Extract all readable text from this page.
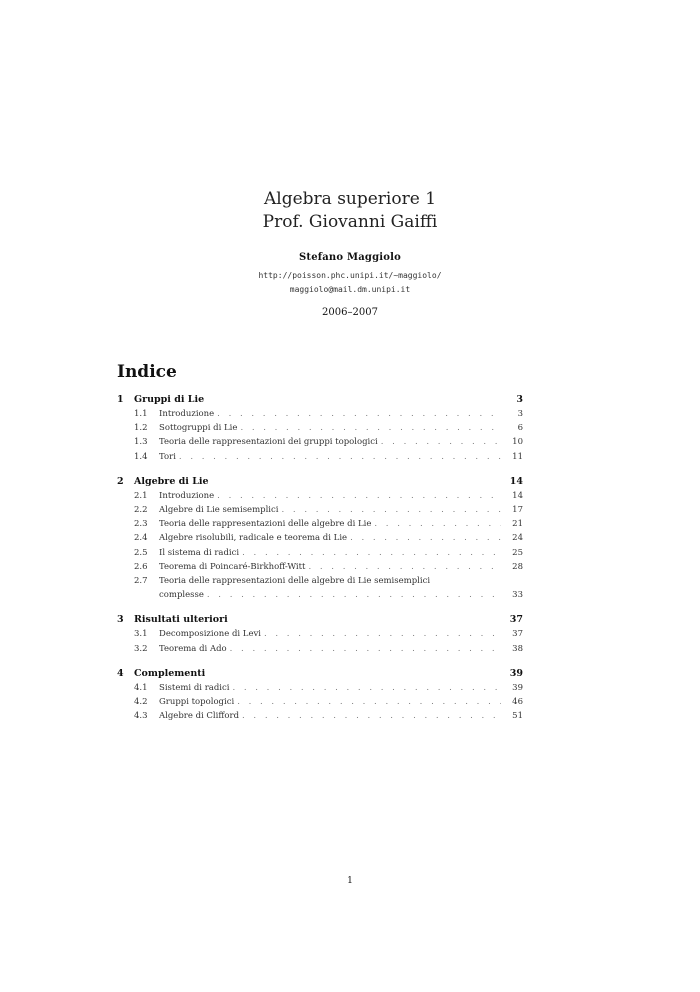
Algebra superiore 1
Prof. Giovanni Gaiffi
Stefano Maggiolo
http://poisson.phc.unipi.it/~maggiolo/
maggiolo@mail.dm.unipi.it
2006–2007
Indice
1	Gruppi di Lie	3
1.1	Introduzione . . .	3
1.2	Sottogruppi di Lie . . .	6
1.3	Teoria delle rappresentazioni dei gruppi topologici . . .	10
1.4	Tori . . .	11
2	Algebre di Lie	14
2.1	Introduzione . . .	14
2.2	Algebre di Lie semisemplici . . .	17
2.3	Teoria delle rappresentazioni delle algebre di Lie . . .	21
2.4	Algebre risolubili, radicale e teorema di Lie . . .	24
2.5	Il sistema di radici . . .	25
2.6	Teorema di Poincaré-Birkhoff-Witt . . .	28
2.7	Teoria delle rappresentazioni delle algebre di Lie semisemplici
complesse . . .	33
3	Risultati ulteriori	37
3.1	Decomposizione di Levi . . .	37
3.2	Teorema di Ado . . .	38
4	Complementi	39
4.1	Sistemi di radici . . .	39
4.2	Gruppi topologici . . .	46
4.3	Algebre di Clifford . . .	51
1
